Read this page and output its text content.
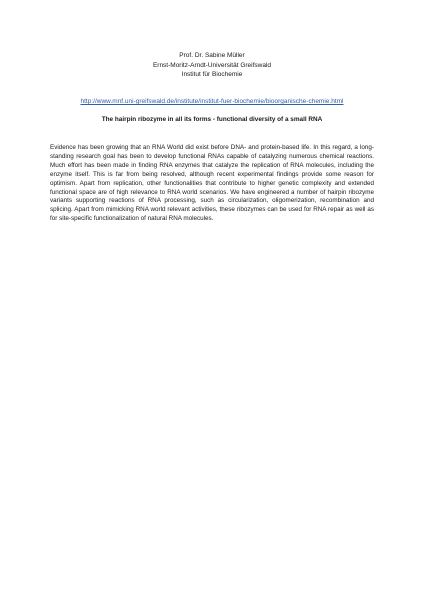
Prof. Dr. Sabine Müller
Ernst-Moritz-Arndt-Universität Greifswald
Institut für Biochemie
http://www.mnf.uni-greifswald.de/institute/institut-fuer-biochemie/bioorganische-chemie.html
The hairpin ribozyme in all its forms - functional diversity of a small RNA

Evidence has been growing that an RNA World did exist before DNA- and protein-based life. In this regard, a long-standing research goal has been to develop functional RNAs capable of catalyzing numerous chemical reactions. Much effort has been made in finding RNA enzymes that catalyze the replication of RNA molecules, including the enzyme itself. This is far from being resolved, although recent experimental findings provide some reason for optimism. Apart from replication, other functionalities that contribute to higher genetic complexity and extended functional space are of high relevance to RNA world scenarios. We have engineered a number of hairpin ribozyme variants supporting reactions of RNA processing, such as circularization, oligomerization, recombination and splicing. Apart from mimicking RNA world relevant activities, these ribozymes can be used for RNA repair as well as for site-specific functionalization of natural RNA molecules.
